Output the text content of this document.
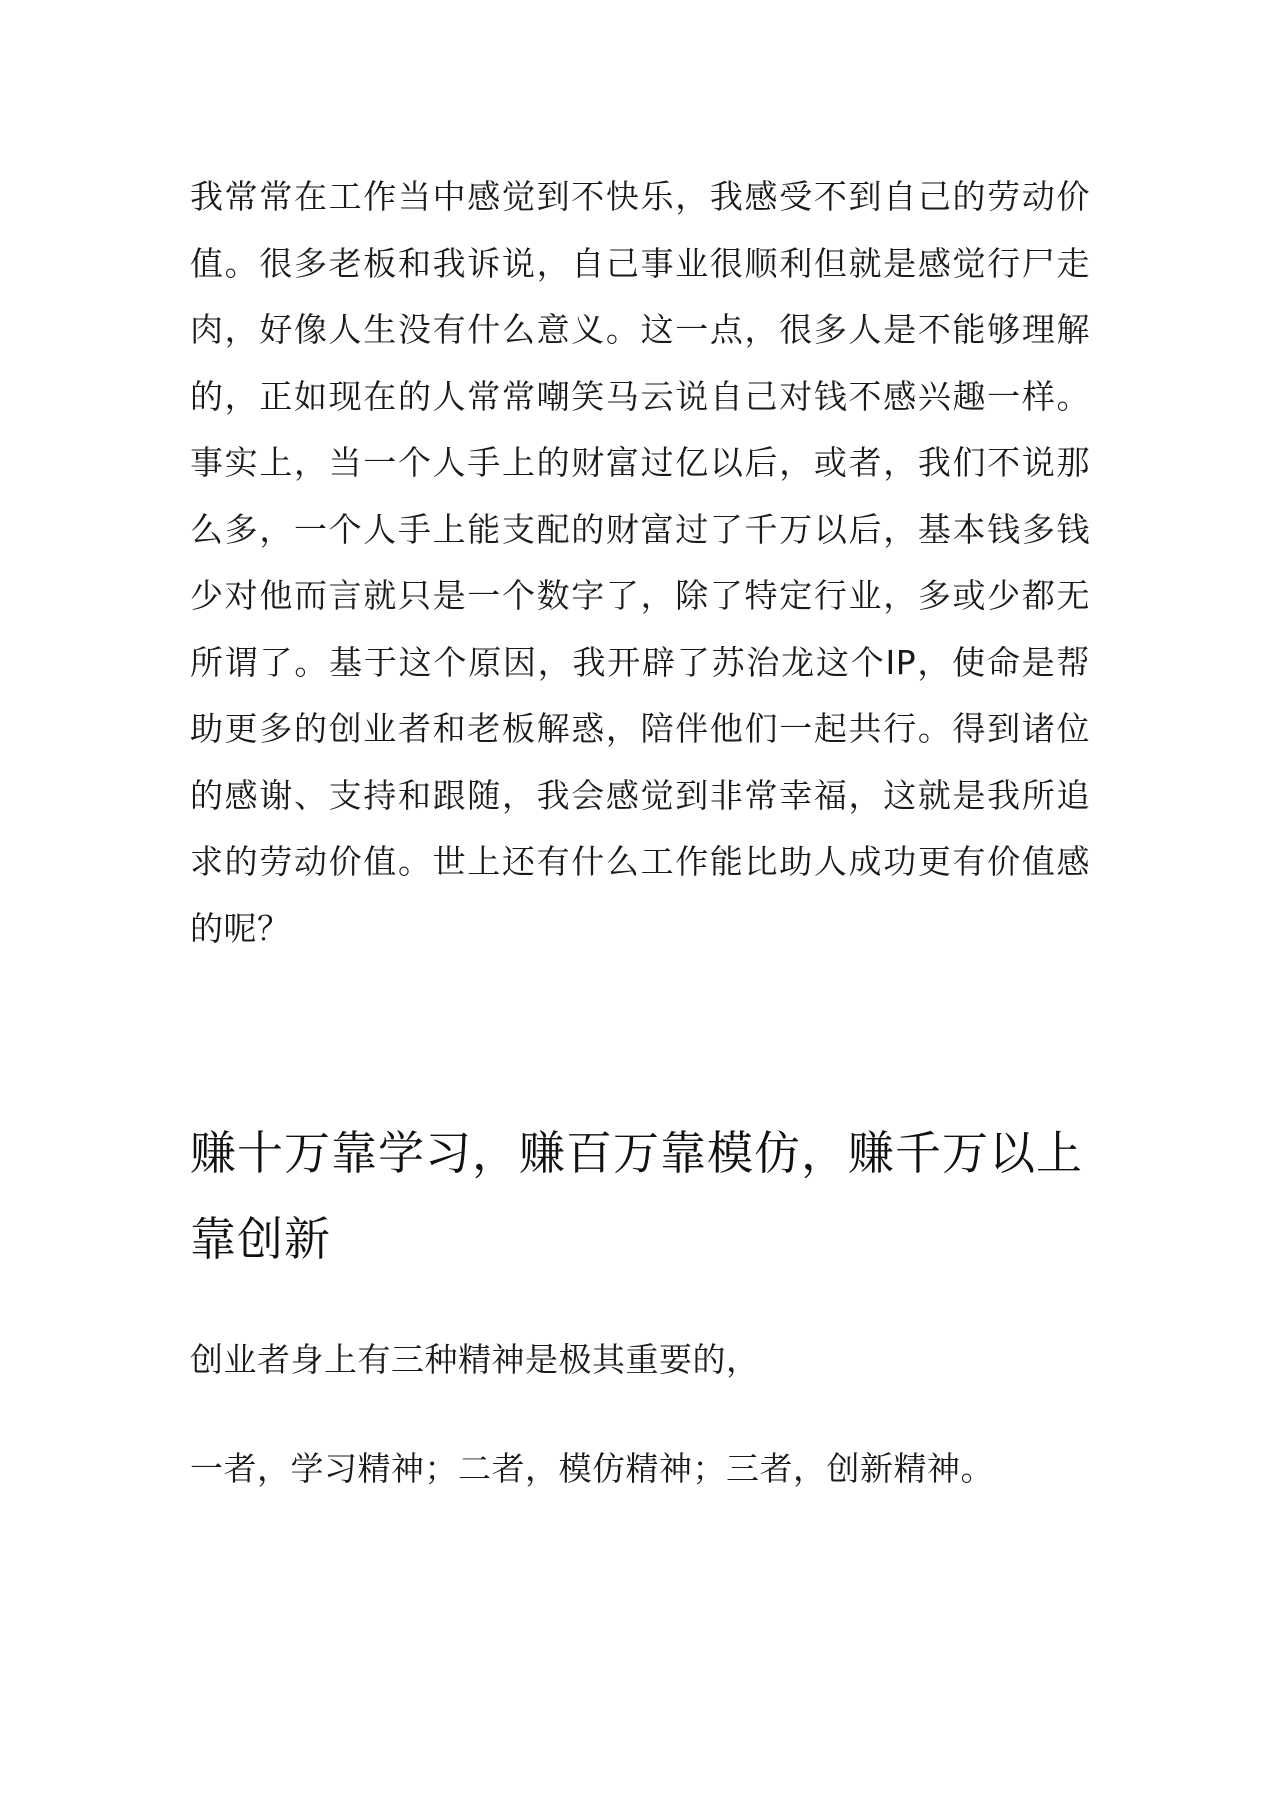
我常常在工作当中感觉到不快乐，我感受不到自己的劳动价值。很多老板和我诉说，自己事业很顺利但就是感觉行尸走肉，好像人生没有什么意义。这一点，很多人是不能够理解的，正如现在的人常常嘲笑马云说自己对钱不感兴趣一样。事实上，当一个人手上的财富过亿以后，或者，我们不说那么多，一个人手上能支配的财富过了千万以后，基本钱多钱少对他而言就只是一个数字了，除了特定行业，多或少都无所谓了。基于这个原因，我开辟了苏治龙这个IP，使命是帮助更多的创业者和老板解惑，陪伴他们一起共行。得到诸位的感谢、支持和跟随，我会感觉到非常幸福，这就是我所追求的劳动价值。世上还有什么工作能比助人成功更有价值感的呢？

赚十万靠学习，赚百万靠模仿，赚千万以上靠创新

创业者身上有三种精神是极其重要的，

一者，学习精神；二者，模仿精神；三者，创新精神。
